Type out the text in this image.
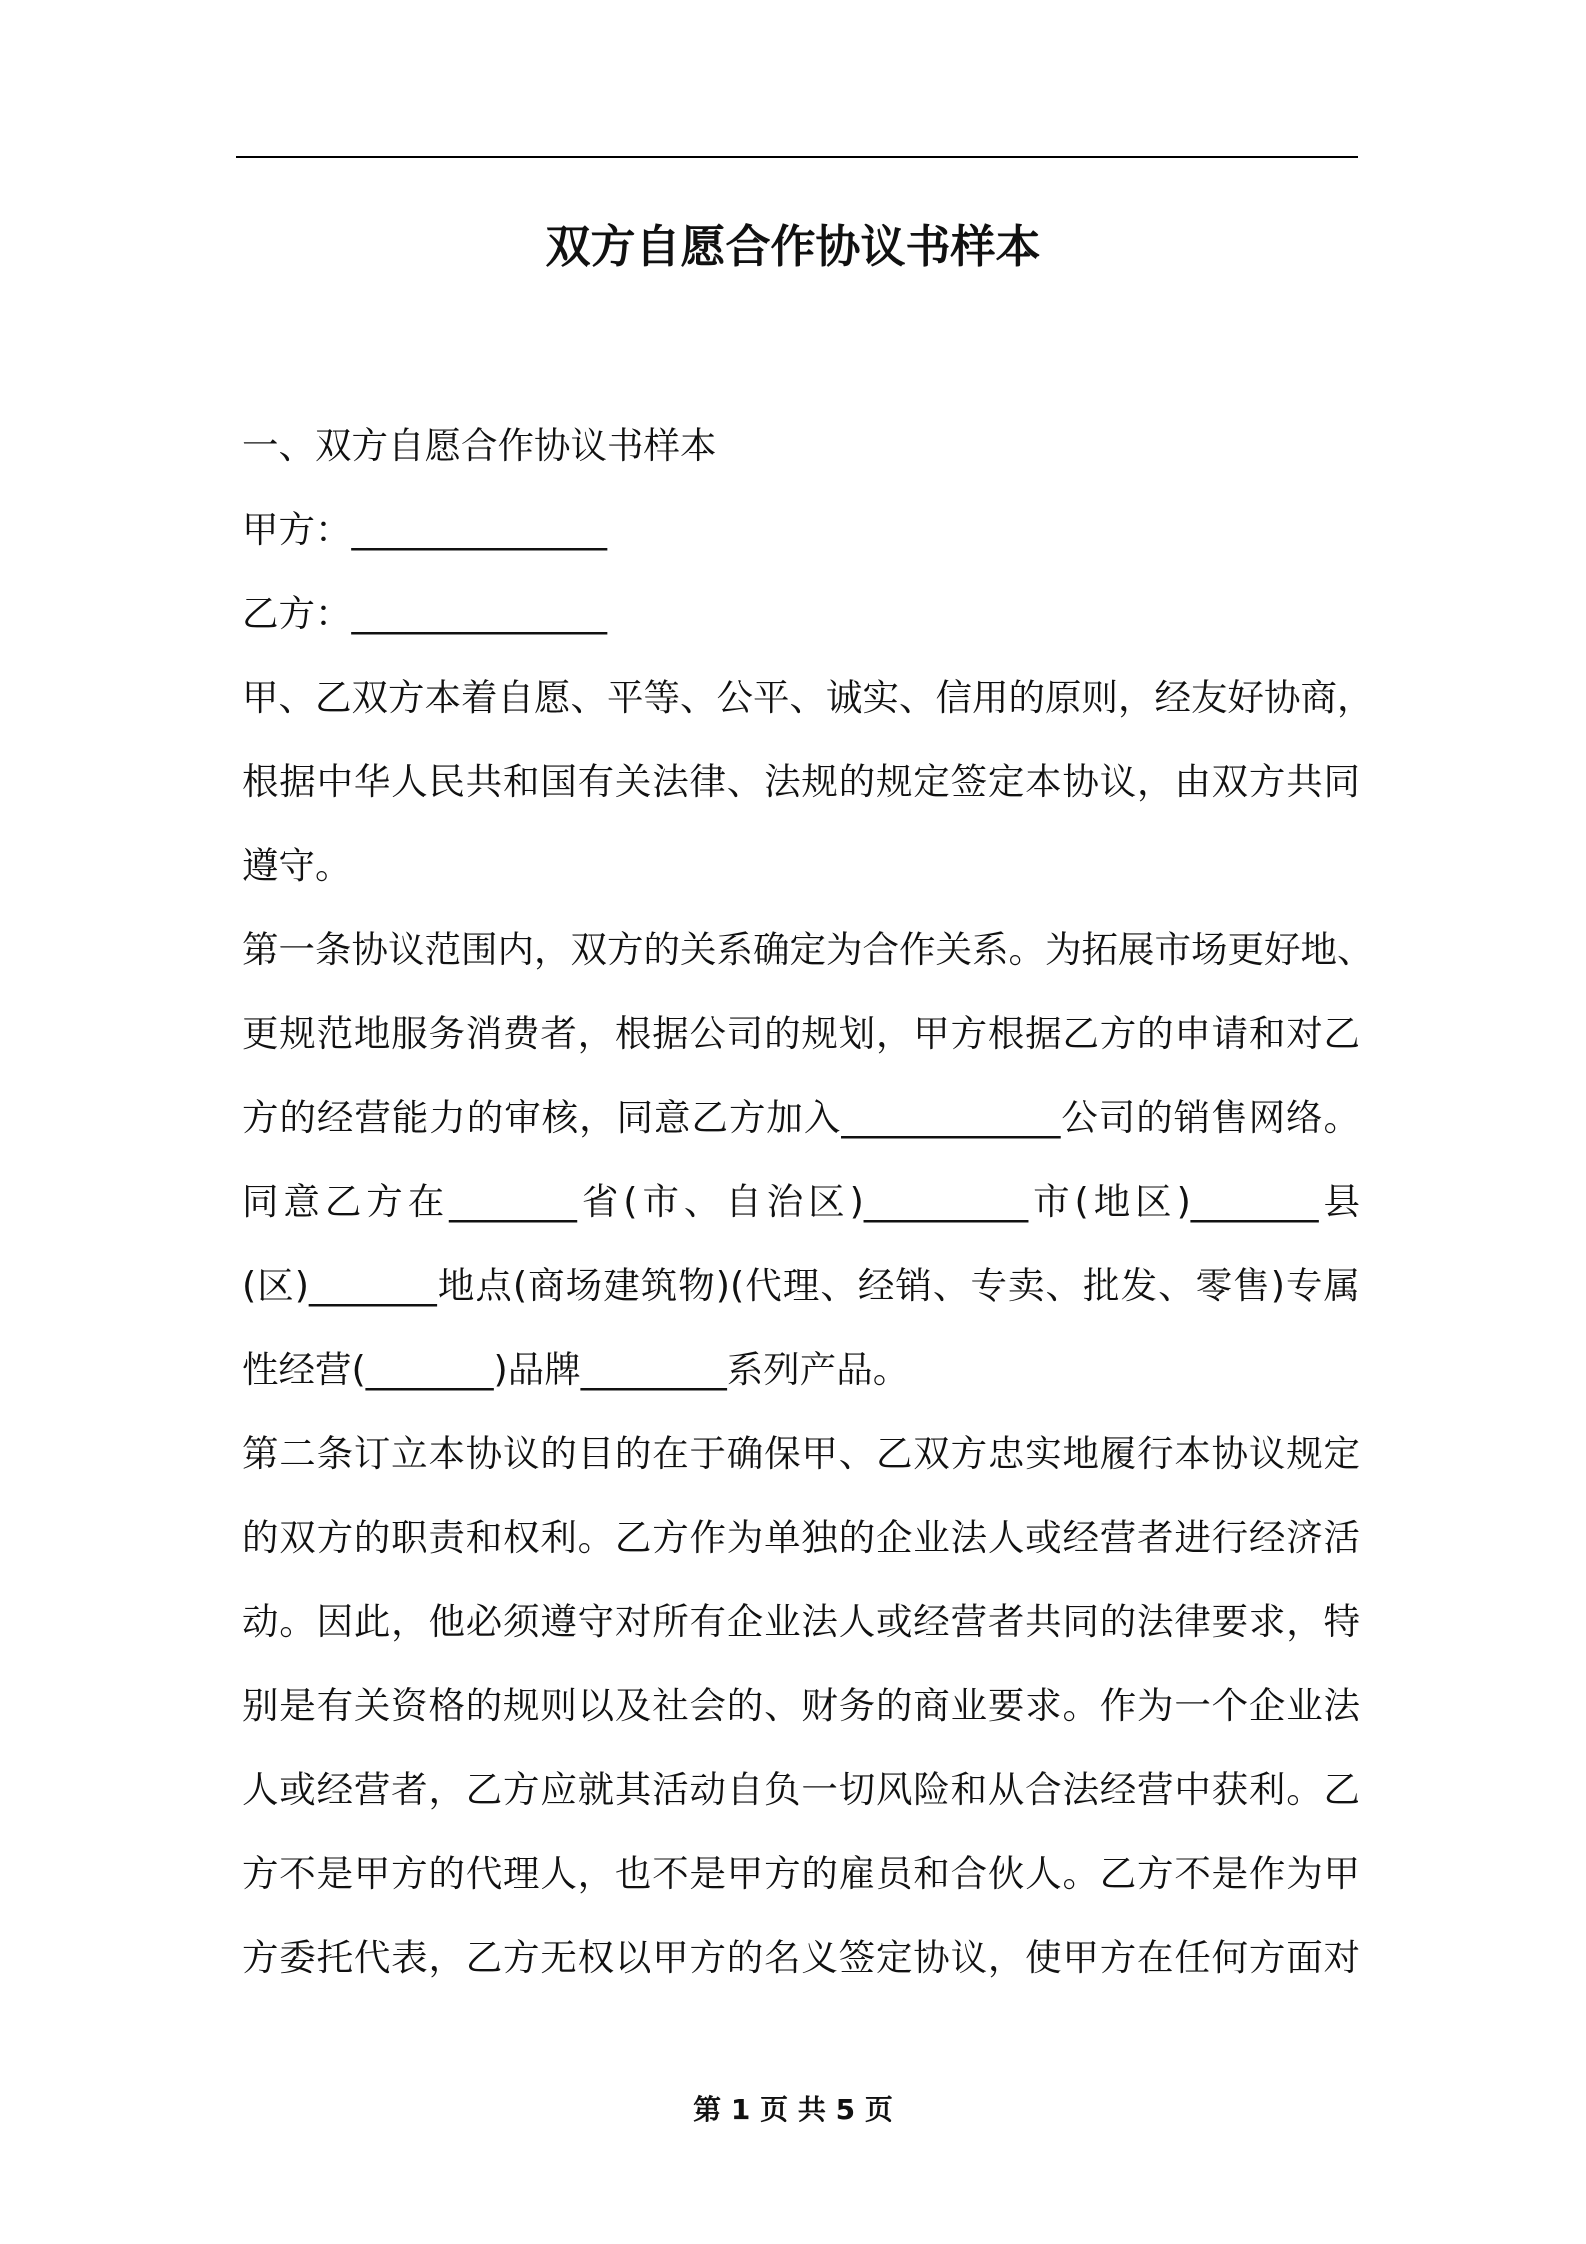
双方自愿合作协议书样本
一、双方自愿合作协议书样本
甲方：______________
乙方：______________
甲、乙双方本着自愿、平等、公平、诚实、信用的原则，经友好协商，
根据中华人民共和国有关法律、法规的规定签定本协议，由双方共同
遵守。
第一条协议范围内，双方的关系确定为合作关系。为拓展市场更好地、
更规范地服务消费者，根据公司的规划，甲方根据乙方的申请和对乙
方的经营能力的审核，同意乙方加入____________公司的销售网络。
同意乙方在_______省(市、自治区)_________市(地区)_______县
(区)_______地点(商场建筑物)(代理、经销、专卖、批发、零售)专属
性经营(_______)品牌________系列产品。
第二条订立本协议的目的在于确保甲、乙双方忠实地履行本协议规定
的双方的职责和权利。乙方作为单独的企业法人或经营者进行经济活
动。因此，他必须遵守对所有企业法人或经营者共同的法律要求，特
别是有关资格的规则以及社会的、财务的商业要求。作为一个企业法
人或经营者，乙方应就其活动自负一切风险和从合法经营中获利。乙
方不是甲方的代理人，也不是甲方的雇员和合伙人。乙方不是作为甲
方委托代表，乙方无权以甲方的名义签定协议，使甲方在任何方面对
第 1 页 共 5 页
